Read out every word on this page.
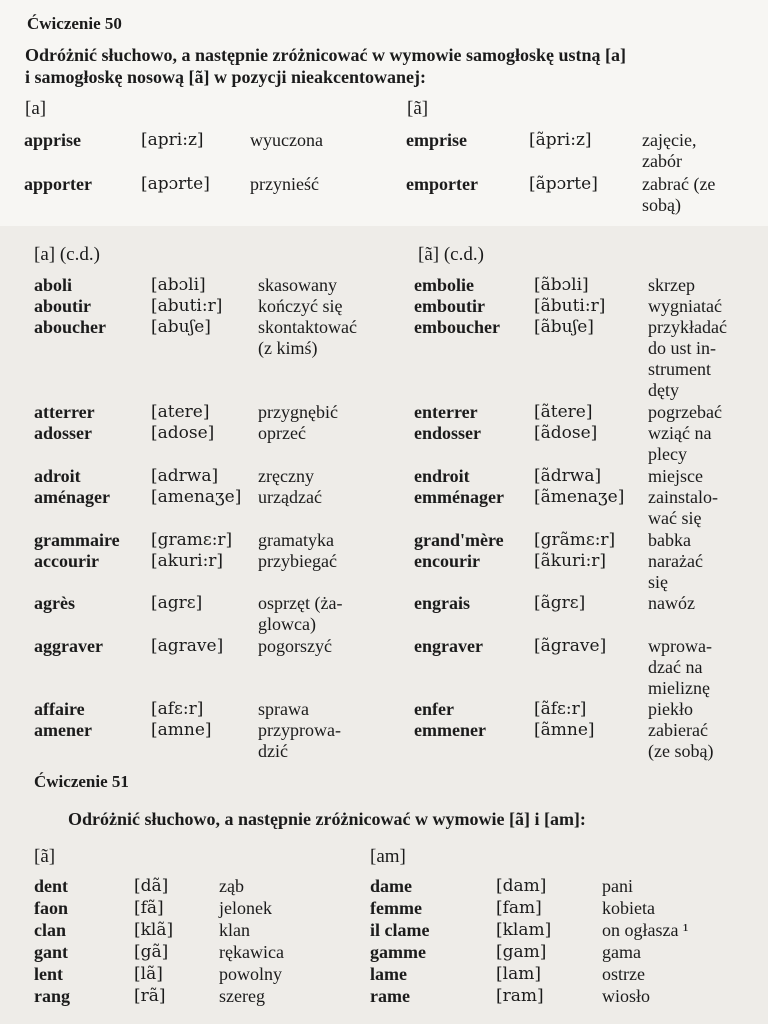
Ćwiczenie 50
Odróżnić słuchowo, a następnie zróżnicować w wymowie samogłoskę ustną [a]
i samogłoskę nosową [ã] w pozycji nieakcentowanej:
[a]	[ã]
apprise	[apri:z]	wyuczona	emprise	[ãpri:z]	zajęcie,
zabór
apporter	[apɔrte] przynieść	emporter	[ãpɔrte] zabrać (ze
sobą)
[a] (c.d.)	[ã] (c.d.)
aboli	[abɔli]	skasowany	embolie	[ãbɔli]	skrzep
aboutir	[abuti:r] kończyć się	emboutir	[ãbuti:r] wygniatać
aboucher	[abuʃe]	skontaktować
(z kimś)
emboucher [ãbuʃe]	przykładać
do ust in-
strument
dęty
atterrer	[atere]	przygnębić	enterrer	[ãtere]	pogrzebać
adosser	[adose] oprzeć	endosser	[ãdose]	wziąć na
plecy
adroit	[adrwa] zręczny	endroit	[ãdrwa]	miejsce
aménager [amenaʒe] urządzać	emménager [ãmenaʒe] zainstalo-
wać się
grammaire [gramɛ:r] gramatyka	grand'mère [grãmɛ:r] babka
accourir	[akuri:r] przybiegać	encourir	[ãkuri:r] narażać
się
agrès	[agrɛ]	osprzęt (ża-
glowca)
engrais	[ãgrɛ]	nawóz
aggraver	[agrave] pogorszyć	engraver	[ãgrave] wprowa-
dzać na
mieliznę
affaire	[afɛ:r]	sprawa	enfer	[ãfɛ:r]	piekło
amener	[amne]	przyprowa-
dzić
emmener	[ãmne]	zabierać
(ze sobą)
Ćwiczenie 51
Odróżnić słuchowo, a następnie zróżnicować w wymowie [ã] i [am]:
[ã]	[am]
dent	[dã]	ząb	dame	[dam]	pani
faon	[fã]	jelonek	femme	[fam]	kobieta
clan	[klã]	klan	il clame	[klam]	on ogłasza ¹
gant	[gã]	rękawica	gamme	[gam]	gama
lent	[lã]	powolny	lame	[lam]	ostrze
rang	[rã]	szereg	rame	[ram]	wiosło
